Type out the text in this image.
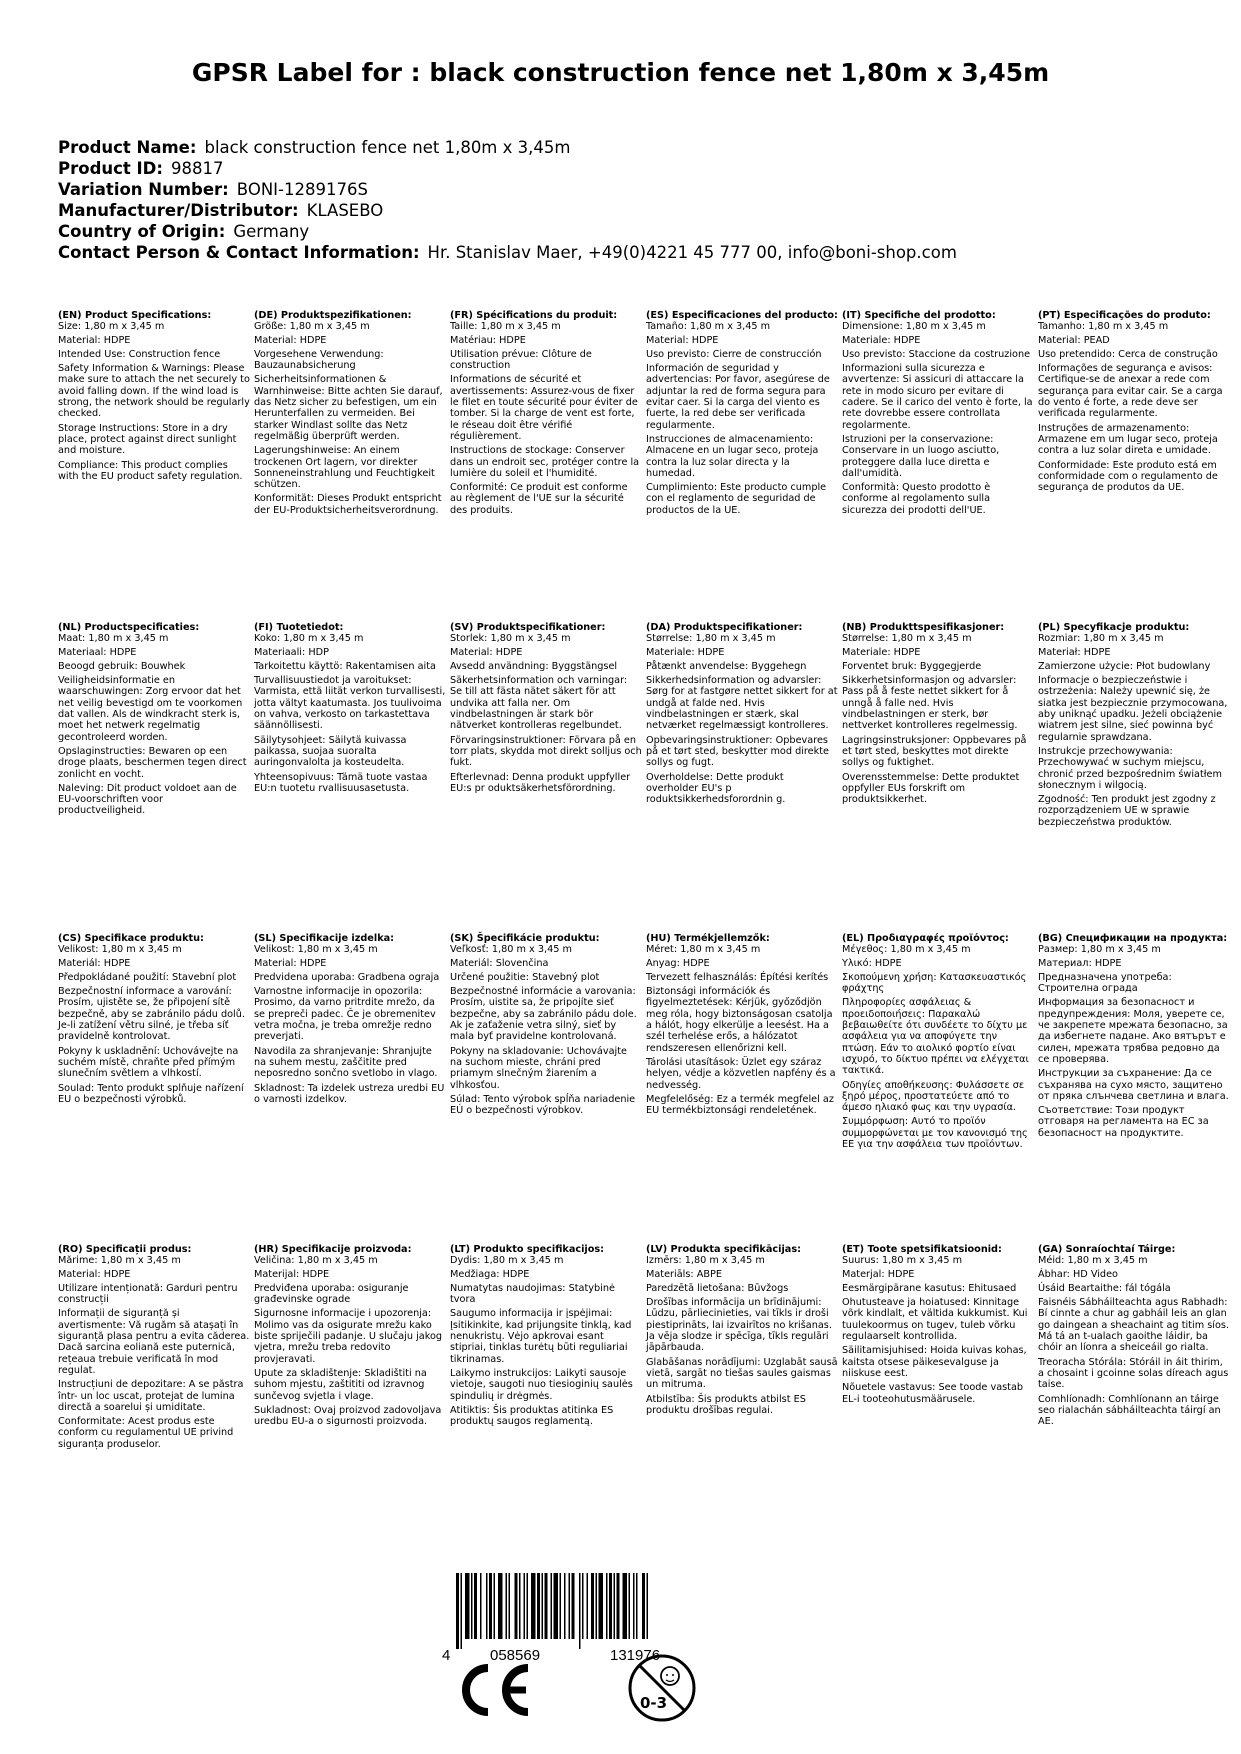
GPSR Label for : black construction fence net 1,80m x 3,45m
Product Name: black construction fence net 1,80m x 3,45m
Product ID: 98817
Variation Number: BONI-1289176S
Manufacturer/Distributor: KLASEBO
Country of Origin: Germany
Contact Person & Contact Information: Hr. Stanislav Maer, +49(0)4221 45 777 00, info@boni-shop.com
(EN) Product Specifications:

Size: 1,80 m x 3,45 m

Material: HDPE

Intended Use: Construction fence

Safety Information & Warnings: Please make sure to attach the net securely to avoid falling down. If the wind load is strong, the network should be regularly checked.

Storage Instructions: Store in a dry place, protect against direct sunlight and moisture.

Compliance: This product complies with the EU product safety regulation.

(DE) Produktspezifikationen:

Größe: 1,80 m x 3,45 m

Material: HDPE

Vorgesehene Verwendung: Bauzaunabsicherung

Sicherheitsinformationen & Warnhinweise: Bitte achten Sie darauf, das Netz sicher zu befestigen, um ein Herunterfallen zu vermeiden. Bei starker Windlast sollte das Netz regelmäßig überprüft werden.

Lagerungshinweise: An einem trockenen Ort lagern, vor direkter Sonneneinstrahlung und Feuchtigkeit schützen.

Konformität: Dieses Produkt entspricht der EU-Produktsicherheitsverordnung.

(FR) Spécifications du produit:

Taille: 1,80 m x 3,45 m

Matériau: HDPE

Utilisation prévue: Clôture de construction

Informations de sécurité et avertissements: Assurez-vous de fixer le filet en toute sécurité pour éviter de tomber. Si la charge de vent est forte, le réseau doit être vérifié régulièrement.

Instructions de stockage: Conserver dans un endroit sec, protéger contre la lumière du soleil et l'humidité.

Conformité: Ce produit est conforme au règlement de l'UE sur la sécurité des produits.

(ES) Especificaciones del producto:

Tamaño: 1,80 m x 3,45 m

Material: HDPE

Uso previsto: Cierre de construcción

Información de seguridad y advertencias: Por favor, asegúrese de adjuntar la red de forma segura para evitar caer. Si la carga del viento es fuerte, la red debe ser verificada regularmente.

Instrucciones de almacenamiento: Almacene en un lugar seco, proteja contra la luz solar directa y la humedad.

Cumplimiento: Este producto cumple con el reglamento de seguridad de productos de la UE.

(IT) Specifiche del prodotto:

Dimensione: 1,80 m x 3,45 m

Materiale: HDPE

Uso previsto: Staccione da costruzione

Informazioni sulla sicurezza e avvertenze: Si assicuri di attaccare la rete in modo sicuro per evitare di cadere. Se il carico del vento è forte, la rete dovrebbe essere controllata regolarmente.

Istruzioni per la conservazione: Conservare in un luogo asciutto, proteggere dalla luce diretta e dall'umidità.

Conformità: Questo prodotto è conforme al regolamento sulla sicurezza dei prodotti dell'UE.

(PT) Especificações do produto:

Tamanho: 1,80 m x 3,45 m

Material: PEAD

Uso pretendido: Cerca de construção

Informações de segurança e avisos: Certifique-se de anexar a rede com segurança para evitar cair. Se a carga do vento é forte, a rede deve ser verificada regularmente.

Instruções de armazenamento: Armazene em um lugar seco, proteja contra a luz solar direta e umidade.

Conformidade: Este produto está em conformidade com o regulamento de segurança de produtos da UE.

(NL) Productspecificaties:

Maat: 1,80 m x 3,45 m

Materiaal: HDPE

Beoogd gebruik: Bouwhek

Veiligheidsinformatie en waarschuwingen: Zorg ervoor dat het net veilig bevestigd om te voorkomen dat vallen. Als de windkracht sterk is, moet het netwerk regelmatig gecontroleerd worden.

Opslaginstructies: Bewaren op een droge plaats, beschermen tegen direct zonlicht en vocht.

Naleving: Dit product voldoet aan de EU-voorschriften voor productveiligheid.

(FI) Tuotetiedot:

Koko: 1,80 m x 3,45 m

Materiaali: HDP

Tarkoitettu käyttö: Rakentamisen aita

Turvallisuustiedot ja varoitukset: Varmista, että liität verkon turvallisesti, jotta vältyt kaatumasta. Jos tuulivoima on vahva, verkosto on tarkastettava säännöllisesti.

Säilytysohjeet: Säilytä kuivassa paikassa, suojaa suoralta auringonvalolta ja kosteudelta.

Yhteensopivuus: Tämä tuote vastaa EU:n tuotetu rvallisuusasetusta.

(SV) Produktspecifikationer:

Storlek: 1,80 m x 3,45 m

Material: HDPE

Avsedd användning: Byggstängsel

Säkerhetsinformation och varningar: Se till att fästa nätet säkert för att undvika att falla ner. Om vindbelastningen är stark bör nätverket kontrolleras regelbundet.

Förvaringsinstruktioner: Förvara på en torr plats, skydda mot direkt solljus och fukt.

Efterlevnad: Denna produkt uppfyller EU:s pr oduktsäkerhetsförordning.

(DA) Produktspecifikationer:

Størrelse: 1,80 m x 3,45 m

Materiale: HDPE

Påtænkt anvendelse: Byggehegn

Sikkerhedsinformation og advarsler: Sørg for at fastgøre nettet sikkert for at undgå at falde ned. Hvis vindbelastningen er stærk, skal netværket regelmæssigt kontrolleres.

Opbevaringsinstruktioner: Opbevares på et tørt sted, beskytter mod direkte sollys og fugt.

Overholdelse: Dette produkt overholder EU's p roduktsikkerhedsforordnin g.

(NB) Produkttspesifikasjoner:

Størrelse: 1,80 m x 3,45 m

Materiale: HDPE

Forventet bruk: Byggegjerde

Sikkerhetsinformasjon og advarsler: Pass på å feste nettet sikkert for å unngå å falle ned. Hvis vindbelastningen er sterk, bør nettverket kontrolleres regelmessig.

Lagringsinstruksjoner: Oppbevares på et tørt sted, beskyttes mot direkte sollys og fuktighet.

Overensstemmelse: Dette produktet oppfyller EUs forskrift om produktsikkerhet.

(PL) Specyfikacje produktu:

Rozmiar: 1,80 m x 3,45 m

Materiał: HDPE

Zamierzone użycie: Płot budowlany

Informacje o bezpieczeństwie i ostrzeżenia: Należy upewnić się, że siatka jest bezpiecznie przymocowana, aby uniknąć upadku. Jeżeli obciążenie wiatrem jest silne, sieć powinna być regularnie sprawdzana.

Instrukcje przechowywania: Przechowywać w suchym miejscu, chronić przed bezpośrednim światłem słonecznym i wilgocią.

Zgodność: Ten produkt jest zgodny z rozporządzeniem UE w sprawie bezpieczeństwa produktów.

(CS) Specifikace produktu:

Velikost: 1,80 m x 3,45 m

Materiál: HDPE

Předpokládané použití: Stavební plot

Bezpečnostní informace a varování: Prosím, ujistěte se, že připojení sítě bezpečně, aby se zabránilo pádu dolů. Je-li zatížení větru silné, je třeba síť pravidelně kontrolovat.

Pokyny k uskladnění: Uchovávejte na suchém místě, chraňte před přímým slunečním světlem a vlhkostí.

Soulad: Tento produkt splňuje nařízení EU o bezpečnosti výrobků.

(SL) Specifikacije izdelka:

Velikost: 1,80 m x 3,45 m

Material: HDPE

Predvidena uporaba: Gradbena ograja

Varnostne informacije in opozorila: Prosimo, da varno pritrdite mrežo, da se prepreči padec. Če je obremenitev vetra močna, je treba omrežje redno preverjati.

Navodila za shranjevanje: Shranjujte na suhem mestu, zaščitite pred neposredno sončno svetlobo in vlago.

Skladnost: Ta izdelek ustreza uredbi EU o varnosti izdelkov.

(SK) Špecifikácie produktu:

Veľkosť: 1,80 m x 3,45 m

Materiál: Slovenčina

Určené použitie: Stavebný plot

Bezpečnostné informácie a varovania: Prosím, uistite sa, že pripojíte sieť bezpečne, aby sa zabránilo pádu dole. Ak je zaťaženie vetra silný, sieť by mala byť pravidelne kontrolovaná.

Pokyny na skladovanie: Uchovávajte na suchom mieste, chráni pred priamym slnečným žiarením a vlhkosťou.

Súlad: Tento výrobok spĺňa nariadenie EÚ o bezpečnosti výrobkov.

(HU) Termékjellemzők:

Méret: 1,80 m x 3,45 m

Anyag: HDPE

Tervezett felhasználás: Építési kerítés

Biztonsági információk és figyelmeztetések: Kérjük, győződjön meg róla, hogy biztonságosan csatolja a hálót, hogy elkerülje a leesést. Ha a szél terhelése erős, a hálózatot rendszeresen ellenőrizni kell.

Tárolási utasítások: Üzlet egy száraz helyen, védje a közvetlen napfény és a nedvesség.

Megfelelőség: Ez a termék megfelel az EU termékbiztonsági rendeletének.

(EL) Προδιαγραφές προϊόντος:

Μέγεθος: 1,80 m x 3,45 m

Υλικό: HDPE

Σκοπούμενη χρήση: Κατασκευαστικός φράχτης

Πληροφορίες ασφάλειας & προειδοποιήσεις: Παρακαλώ βεβαιωθείτε ότι συνδέετε το δίχτυ με ασφάλεια για να αποφύγετε την πτώση. Εάν το αιολικό φορτίο είναι ισχυρό, το δίκτυο πρέπει να ελέγχεται τακτικά.

Οδηγίες αποθήκευσης: Φυλάσσετε σε ξηρό μέρος, προστατεύετε από το άμεσο ηλιακό φως και την υγρασία.

Συμμόρφωση: Αυτό το προϊόν συμμορφώνεται με τον κανονισμό της ΕΕ για την ασφάλεια των προϊόντων.

(BG) Спецификации на продукта:

Размер: 1,80 m x 3,45 m

Материал: HDPE

Предназначена употреба: Строителна ограда

Информация за безопасност и предупреждения: Моля, уверете се, че закрепете мрежата безопасно, за да избегнете падане. Ако вятърът е силен, мрежата трябва редовно да се проверява.

Инструкции за съхранение: Да се съхранява на сухо място, защитено от пряка слънчева светлина и влага.

Съответствие: Този продукт отговаря на регламента на ЕС за безопасност на продуктите.

(RO) Specificații produs:

Mărime: 1,80 m x 3,45 m

Material: HDPE

Utilizare intenționată: Garduri pentru construcții

Informații de siguranță și avertismente: Vă rugăm să atașați în siguranță plasa pentru a evita căderea. Dacă sarcina eoliană este puternică, rețeaua trebuie verificată în mod regulat.

Instrucțiuni de depozitare: A se păstra într- un loc uscat, protejat de lumina directă a soarelui și umiditate.

Conformitate: Acest produs este conform cu regulamentul UE privind siguranța produselor.

(HR) Specifikacije proizvoda:

Veličina: 1,80 m x 3,45 m

Materijal: HDPE

Predviđena uporaba: osiguranje građevinske ograde

Sigurnosne informacije i upozorenja: Molimo vas da osigurate mrežu kako biste spriječili padanje. U slučaju jakog vjetra, mrežu treba redovito provjeravati.

Upute za skladištenje: Skladištiti na suhom mjestu, zaštititi od izravnog sunčevog svjetla i vlage.

Sukladnost: Ovaj proizvod zadovoljava uredbu EU-a o sigurnosti proizvoda.

(LT) Produkto specifikacijos:

Dydis: 1,80 m x 3,45 m

Medžiaga: HDPE

Numatytas naudojimas: Statybinė tvora

Saugumo informacija ir įspėjimai: Įsitikinkite, kad prijungsite tinklą, kad nenukristų. Vėjo apkrovai esant stipriai, tinklas turėtų būti reguliariai tikrinamas.

Laikymo instrukcijos: Laikyti sausoje vietoje, saugoti nuo tiesioginių saulės spindulių ir drėgmės.

Atitiktis: Šis produktas atitinka ES produktų saugos reglamentą.

(LV) Produkta specifikācijas:

Izmērs: 1,80 m x 3,45 m

Materiāls: ABPE

Paredzētā lietošana: Būvžogs

Drošības informācija un brīdinājumi: Lūdzu, pārliecinieties, vai tīkls ir droši piestiprināts, lai izvairītos no krišanas. Ja vēja slodze ir spēcīga, tīkls regulāri jāpārbauda.

Glabāšanas norādījumi: Uzglabāt sausā vietā, sargāt no tiešas saules gaismas un mitruma.

Atbilstība: Šis produkts atbilst ES produktu drošības regulai.

(ET) Toote spetsifikatsioonid:

Suurus: 1,80 m x 3,45 m

Materjal: HDPE

Eesmärgipärane kasutus: Ehitusaed

Ohutusteave ja hoiatused: Kinnitage võrk kindlalt, et vältida kukkumist. Kui tuulekoormus on tugev, tuleb võrku regulaarselt kontrollida.

Säilitamisjuhised: Hoida kuivas kohas, kaitsta otsese päikesevalguse ja niiskuse eest.

Nõuetele vastavus: See toode vastab EL-i tooteohutusmäärusele.

(GA) Sonraíochtaí Táirge:

Méid: 1,80 m x 3,45 m

Ábhar: HD Video

Úsáid Beartaithe: fál tógála

Faisnéis Sábháilteachta agus Rabhadh: Bí cinnte a chur ag gabháil leis an glan go daingean a sheachaint ag titim síos. Má tá an t-ualach gaoithe láidir, ba chóir an líonra a sheiceáil go rialta.

Treoracha Stórála: Stóráil in áit thirim, a chosaint i gcoinne solas díreach agus taise.

Comhlíonadh: Comhlíonann an táirge seo rialachán sábháilteachta táirgí an AE.

4	058569	131976
0-3
